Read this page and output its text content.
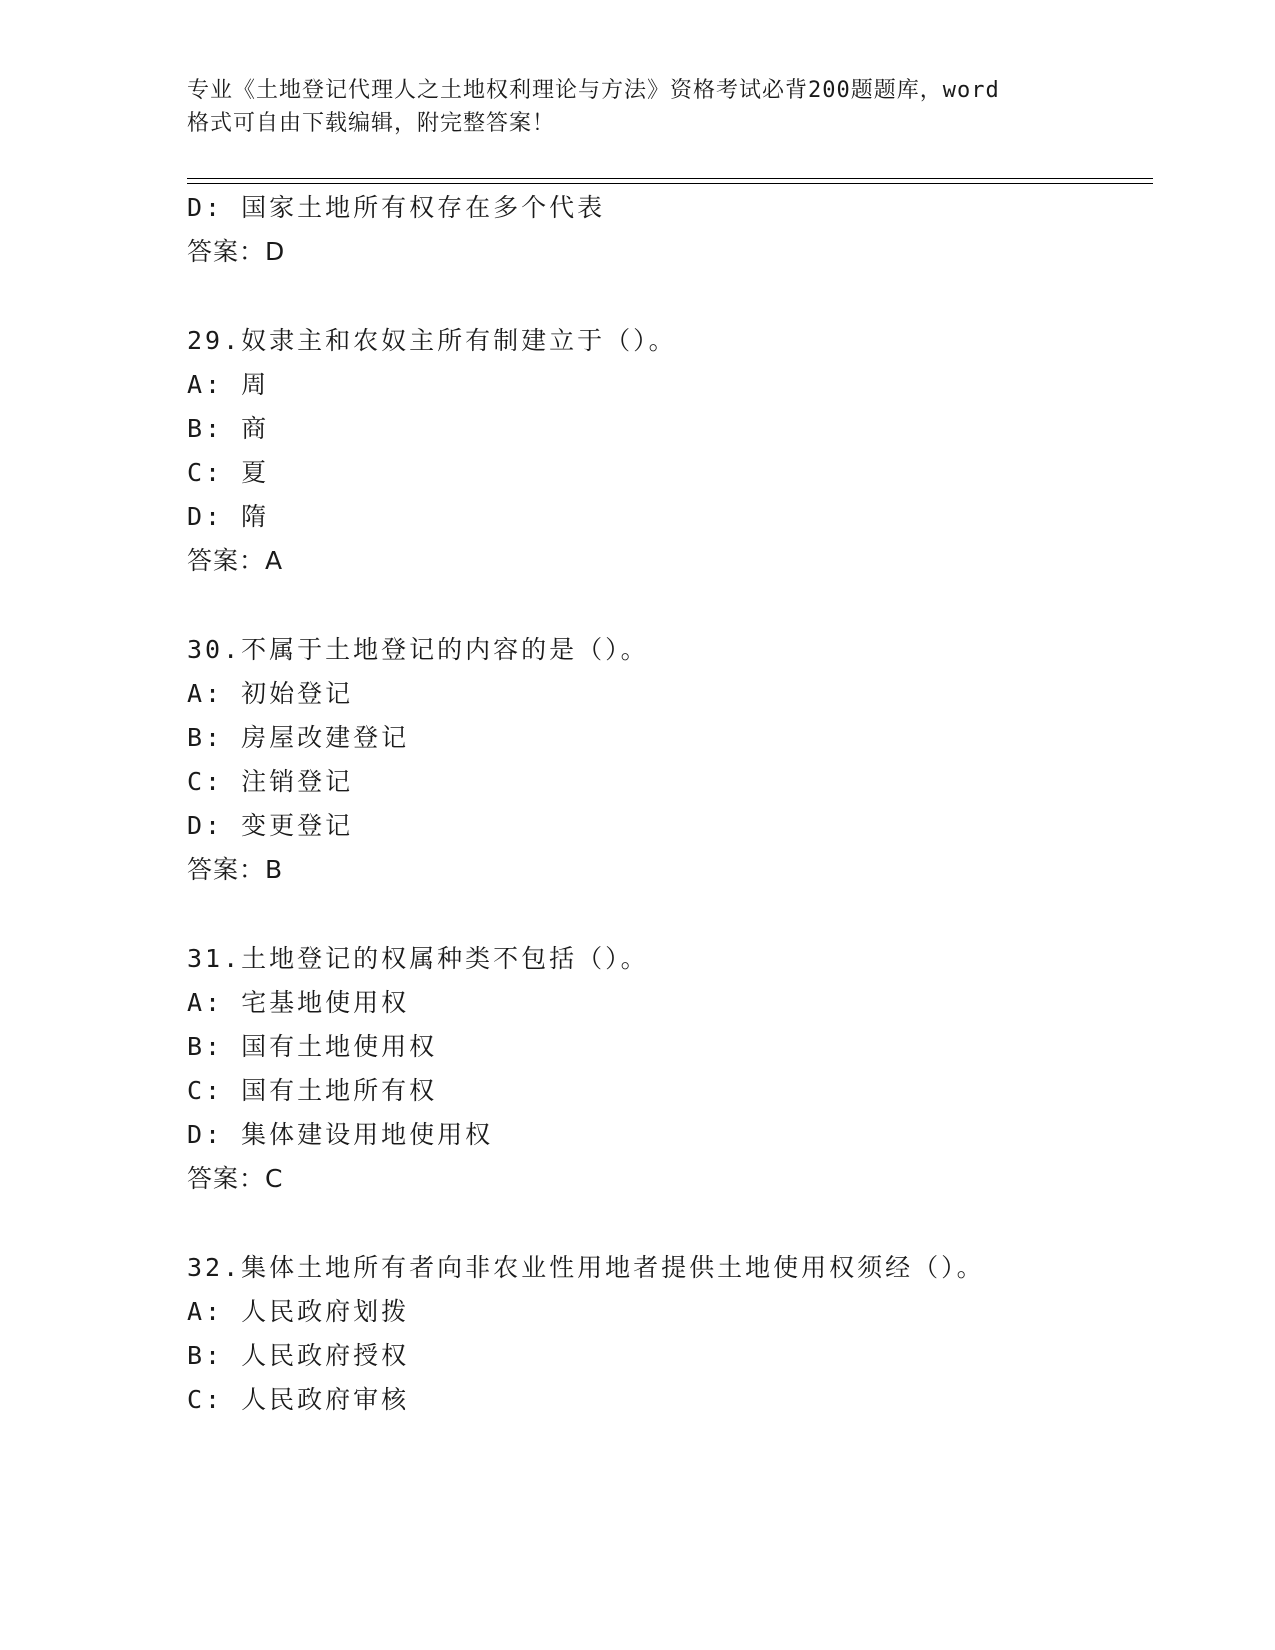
专业《土地登记代理人之土地权利理论与方法》资格考试必背200题题库，word
格式可自由下载编辑，附完整答案！
D: 国家土地所有权存在多个代表
答案：D
29.奴隶主和农奴主所有制建立于（）。
A: 周
B: 商
C: 夏
D: 隋
答案：A
30.不属于土地登记的内容的是（）。
A: 初始登记
B: 房屋改建登记
C: 注销登记
D: 变更登记
答案：B
31.土地登记的权属种类不包括（）。
A: 宅基地使用权
B: 国有土地使用权
C: 国有土地所有权
D: 集体建设用地使用权
答案：C
32.集体土地所有者向非农业性用地者提供土地使用权须经（）。
A: 人民政府划拨
B: 人民政府授权
C: 人民政府审核
